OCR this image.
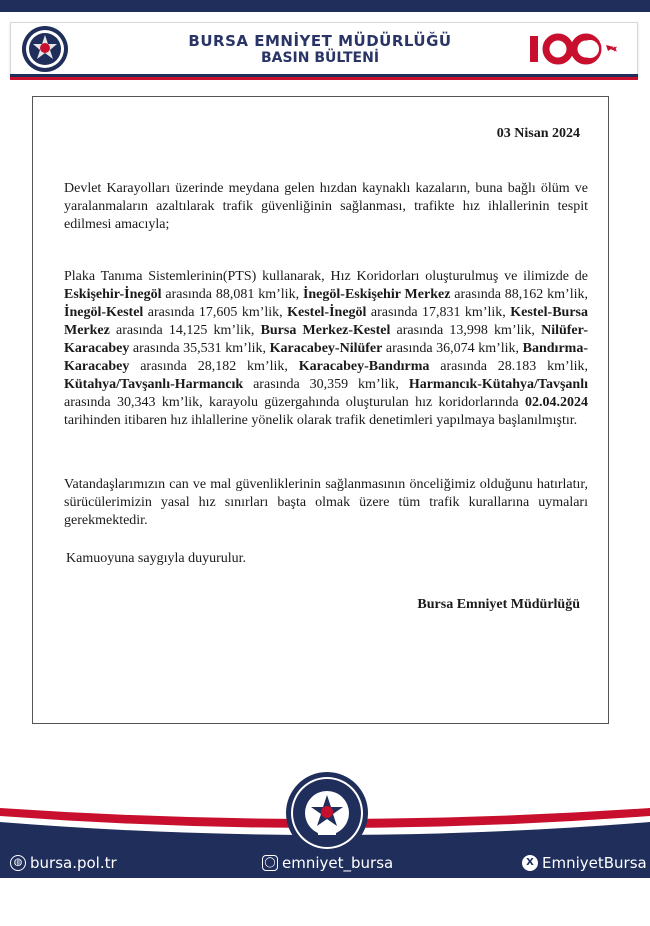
BURSA EMNİYET MÜDÜRLÜĞÜ
BASIN BÜLTENİ
03 Nisan 2024

Devlet Karayolları üzerinde meydana gelen hızdan kaynaklı kazaların, buna bağlı ölüm ve yaralanmaların azaltılarak trafik güvenliğinin sağlanması, trafikte hız ihlallerinin tespit edilmesi amacıyla;

Plaka Tanıma Sistemlerinin(PTS) kullanarak, Hız Koridorları oluşturulmuş ve ilimizde de Eskişehir-İnegöl arasında 88,081 km’lik, İnegöl-Eskişehir Merkez arasında 88,162 km’lik, İnegöl-Kestel arasında 17,605 km’lik, Kestel-İnegöl arasında 17,831 km’lik, Kestel-Bursa Merkez arasında 14,125 km’lik, Bursa Merkez-Kestel arasında 13,998 km’lik, Nilüfer-Karacabey arasında 35,531 km’lik, Karacabey-Nilüfer arasında 36,074 km’lik, Bandırma-Karacabey arasında 28,182 km’lik, Karacabey-Bandırma arasında 28.183 km’lik, Kütahya/Tavşanlı-Harmancık arasında 30,359 km’lik, Harmancık-Kütahya/Tavşanlı arasında 30,343 km’lik, karayolu güzergahında oluşturulan hız koridorlarında 02.04.2024 tarihinden itibaren hız ihlallerine yönelik olarak trafik denetimleri yapılmaya başlanılmıştır.

Vatandaşlarımızın can ve mal güvenliklerinin sağlanmasının önceliğimiz olduğunu hatırlatır, sürücülerimizin yasal hız sınırları başta olmak üzere tüm trafik kurallarına uymaları gerekmektedir.

Kamuoyuna saygıyla duyurulur.

Bursa Emniyet Müdürlüğü
◍ bursa.pol.tr	◯ emniyet_bursa	X EmniyetBursa
